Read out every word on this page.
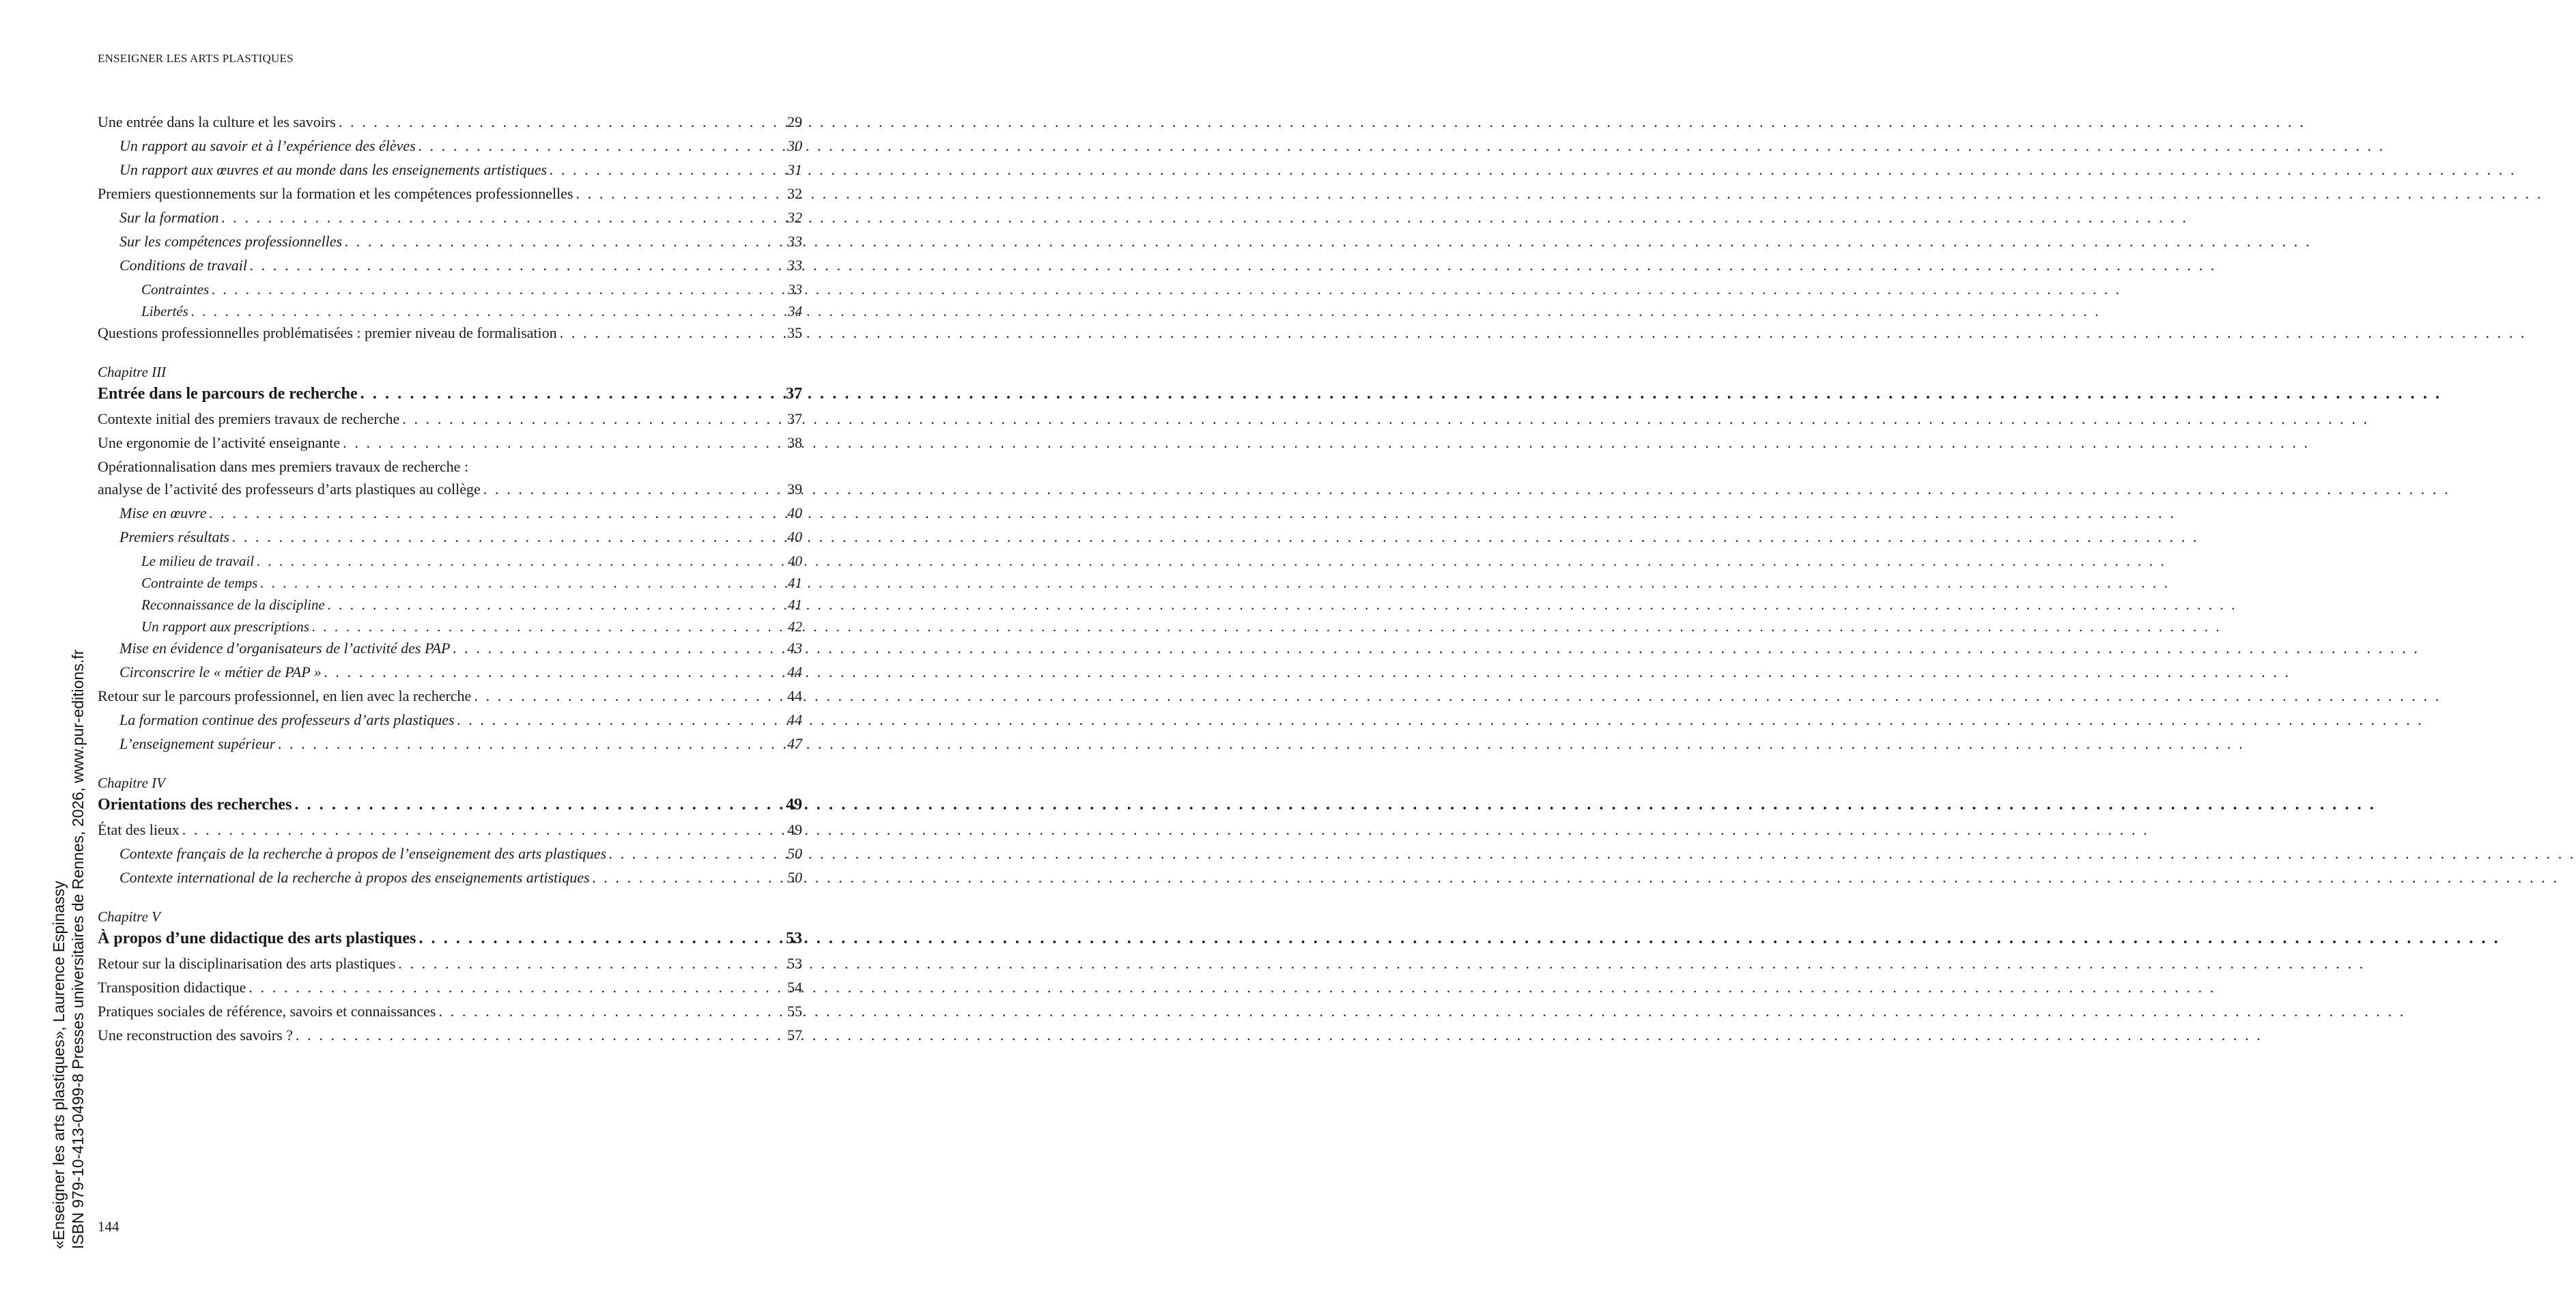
ENSEIGNER LES ARTS PLASTIQUES
Une entrée dans la culture et les savoirs . . .	29
Un rapport au savoir et à l’expérience des élèves . . .	30
Un rapport aux œuvres et au monde dans les enseignements artistiques . . .	31
Premiers questionnements sur la formation et les compétences professionnelles . . .	32
Sur la formation . . .	32
Sur les compétences professionnelles . . .	33
Conditions de travail . . .	33
Contraintes . . .	33
Libertés . . .	34
Questions professionnelles problématisées : premier niveau de formalisation . . .	35
Chapitre III
Entrée dans le parcours de recherche . . .	37
Contexte initial des premiers travaux de recherche . . .	37
Une ergonomie de l’activité enseignante . . .	38
Opérationnalisation dans mes premiers travaux de recherche :
analyse de l’activité des professeurs d’arts plastiques au collège . . .	39
Mise en œuvre . . .	40
Premiers résultats . . .	40
Le milieu de travail . . .	40
Contrainte de temps . . .	41
Reconnaissance de la discipline . . .	41
Un rapport aux prescriptions . . .	42
Mise en évidence d’organisateurs de l’activité des PAP . . .	43
Circonscrire le « métier de PAP » . . .	44
Retour sur le parcours professionnel, en lien avec la recherche . . .	44
La formation continue des professeurs d’arts plastiques . . .	44
L’enseignement supérieur . . .	47
Chapitre IV
Orientations des recherches . . .	49
État des lieux . . .	49
Contexte français de la recherche à propos de l’enseignement des arts plastiques . . .	50
Contexte international de la recherche à propos des enseignements artistiques . . .	50
Chapitre V
À propos d’une didactique des arts plastiques . . .	53
Retour sur la disciplinarisation des arts plastiques . . .	53
Transposition didactique . . .	54
Pratiques sociales de référence, savoirs et connaissances . . .	55
Une reconstruction des savoirs ? . . .	57
«Enseigner les arts plastiques», Laurence Espinassy ISBN 979-10-413-0499-8 Presses universitaires de Rennes, 2026, www.pur-editions.fr 144
